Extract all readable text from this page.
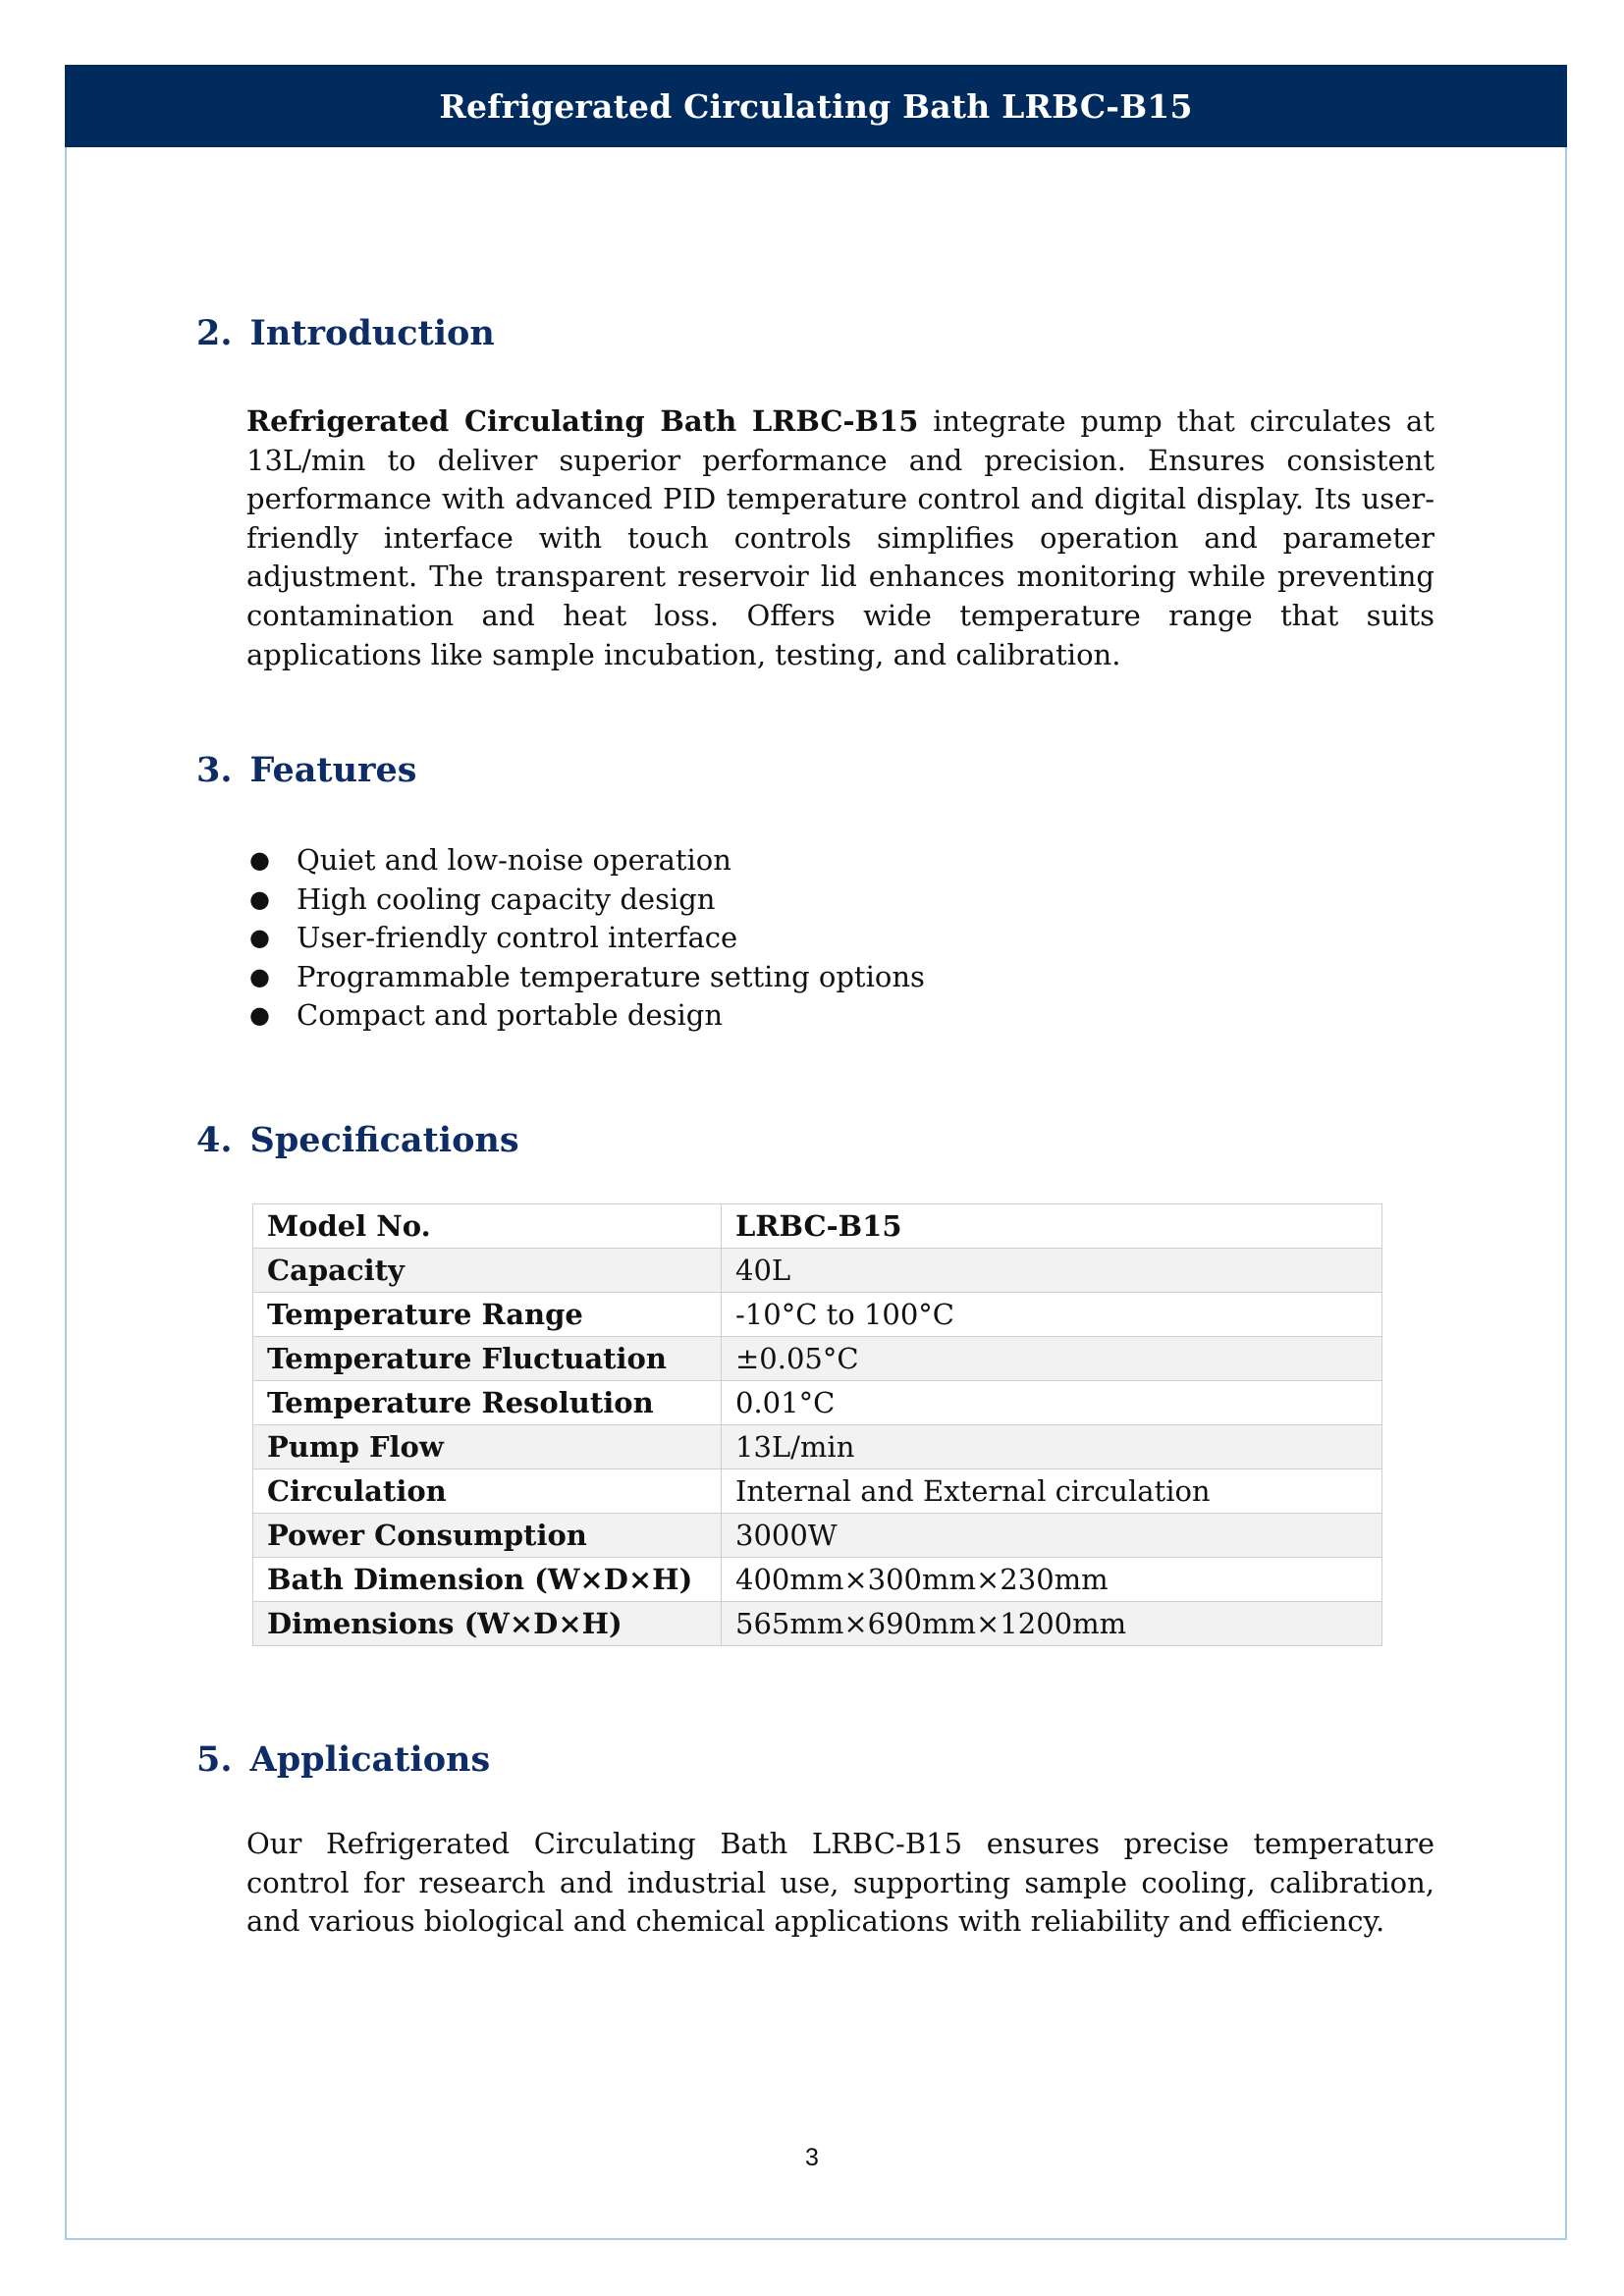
Refrigerated Circulating Bath LRBC-B15
2. Introduction

Refrigerated Circulating Bath LRBC-B15 integrate pump that circulates at 13L/min to deliver superior performance and precision. Ensures consistent performance with advanced PID temperature control and digital display. Its user-friendly interface with touch controls simplifies operation and parameter adjustment. The transparent reservoir lid enhances monitoring while preventing contamination and heat loss. Offers wide temperature range that suits applications like sample incubation, testing, and calibration.

3. Features
● Quiet and low-noise operation
● High cooling capacity design
● User-friendly control interface
● Programmable temperature setting options
● Compact and portable design
4. Specifications
Model No.	LRBC-B15
Capacity	40L
Temperature Range	-10°C to 100°C
Temperature Fluctuation	±0.05°C
Temperature Resolution	0.01°C
Pump Flow	13L/min
Circulation	Internal and External circulation
Power Consumption	3000W
Bath Dimension (W×D×H)	400mm×300mm×230mm
Dimensions (W×D×H)	565mm×690mm×1200mm
5. Applications

Our Refrigerated Circulating Bath LRBC-B15 ensures precise temperature control for research and industrial use, supporting sample cooling, calibration, and various biological and chemical applications with reliability and efficiency.

3
